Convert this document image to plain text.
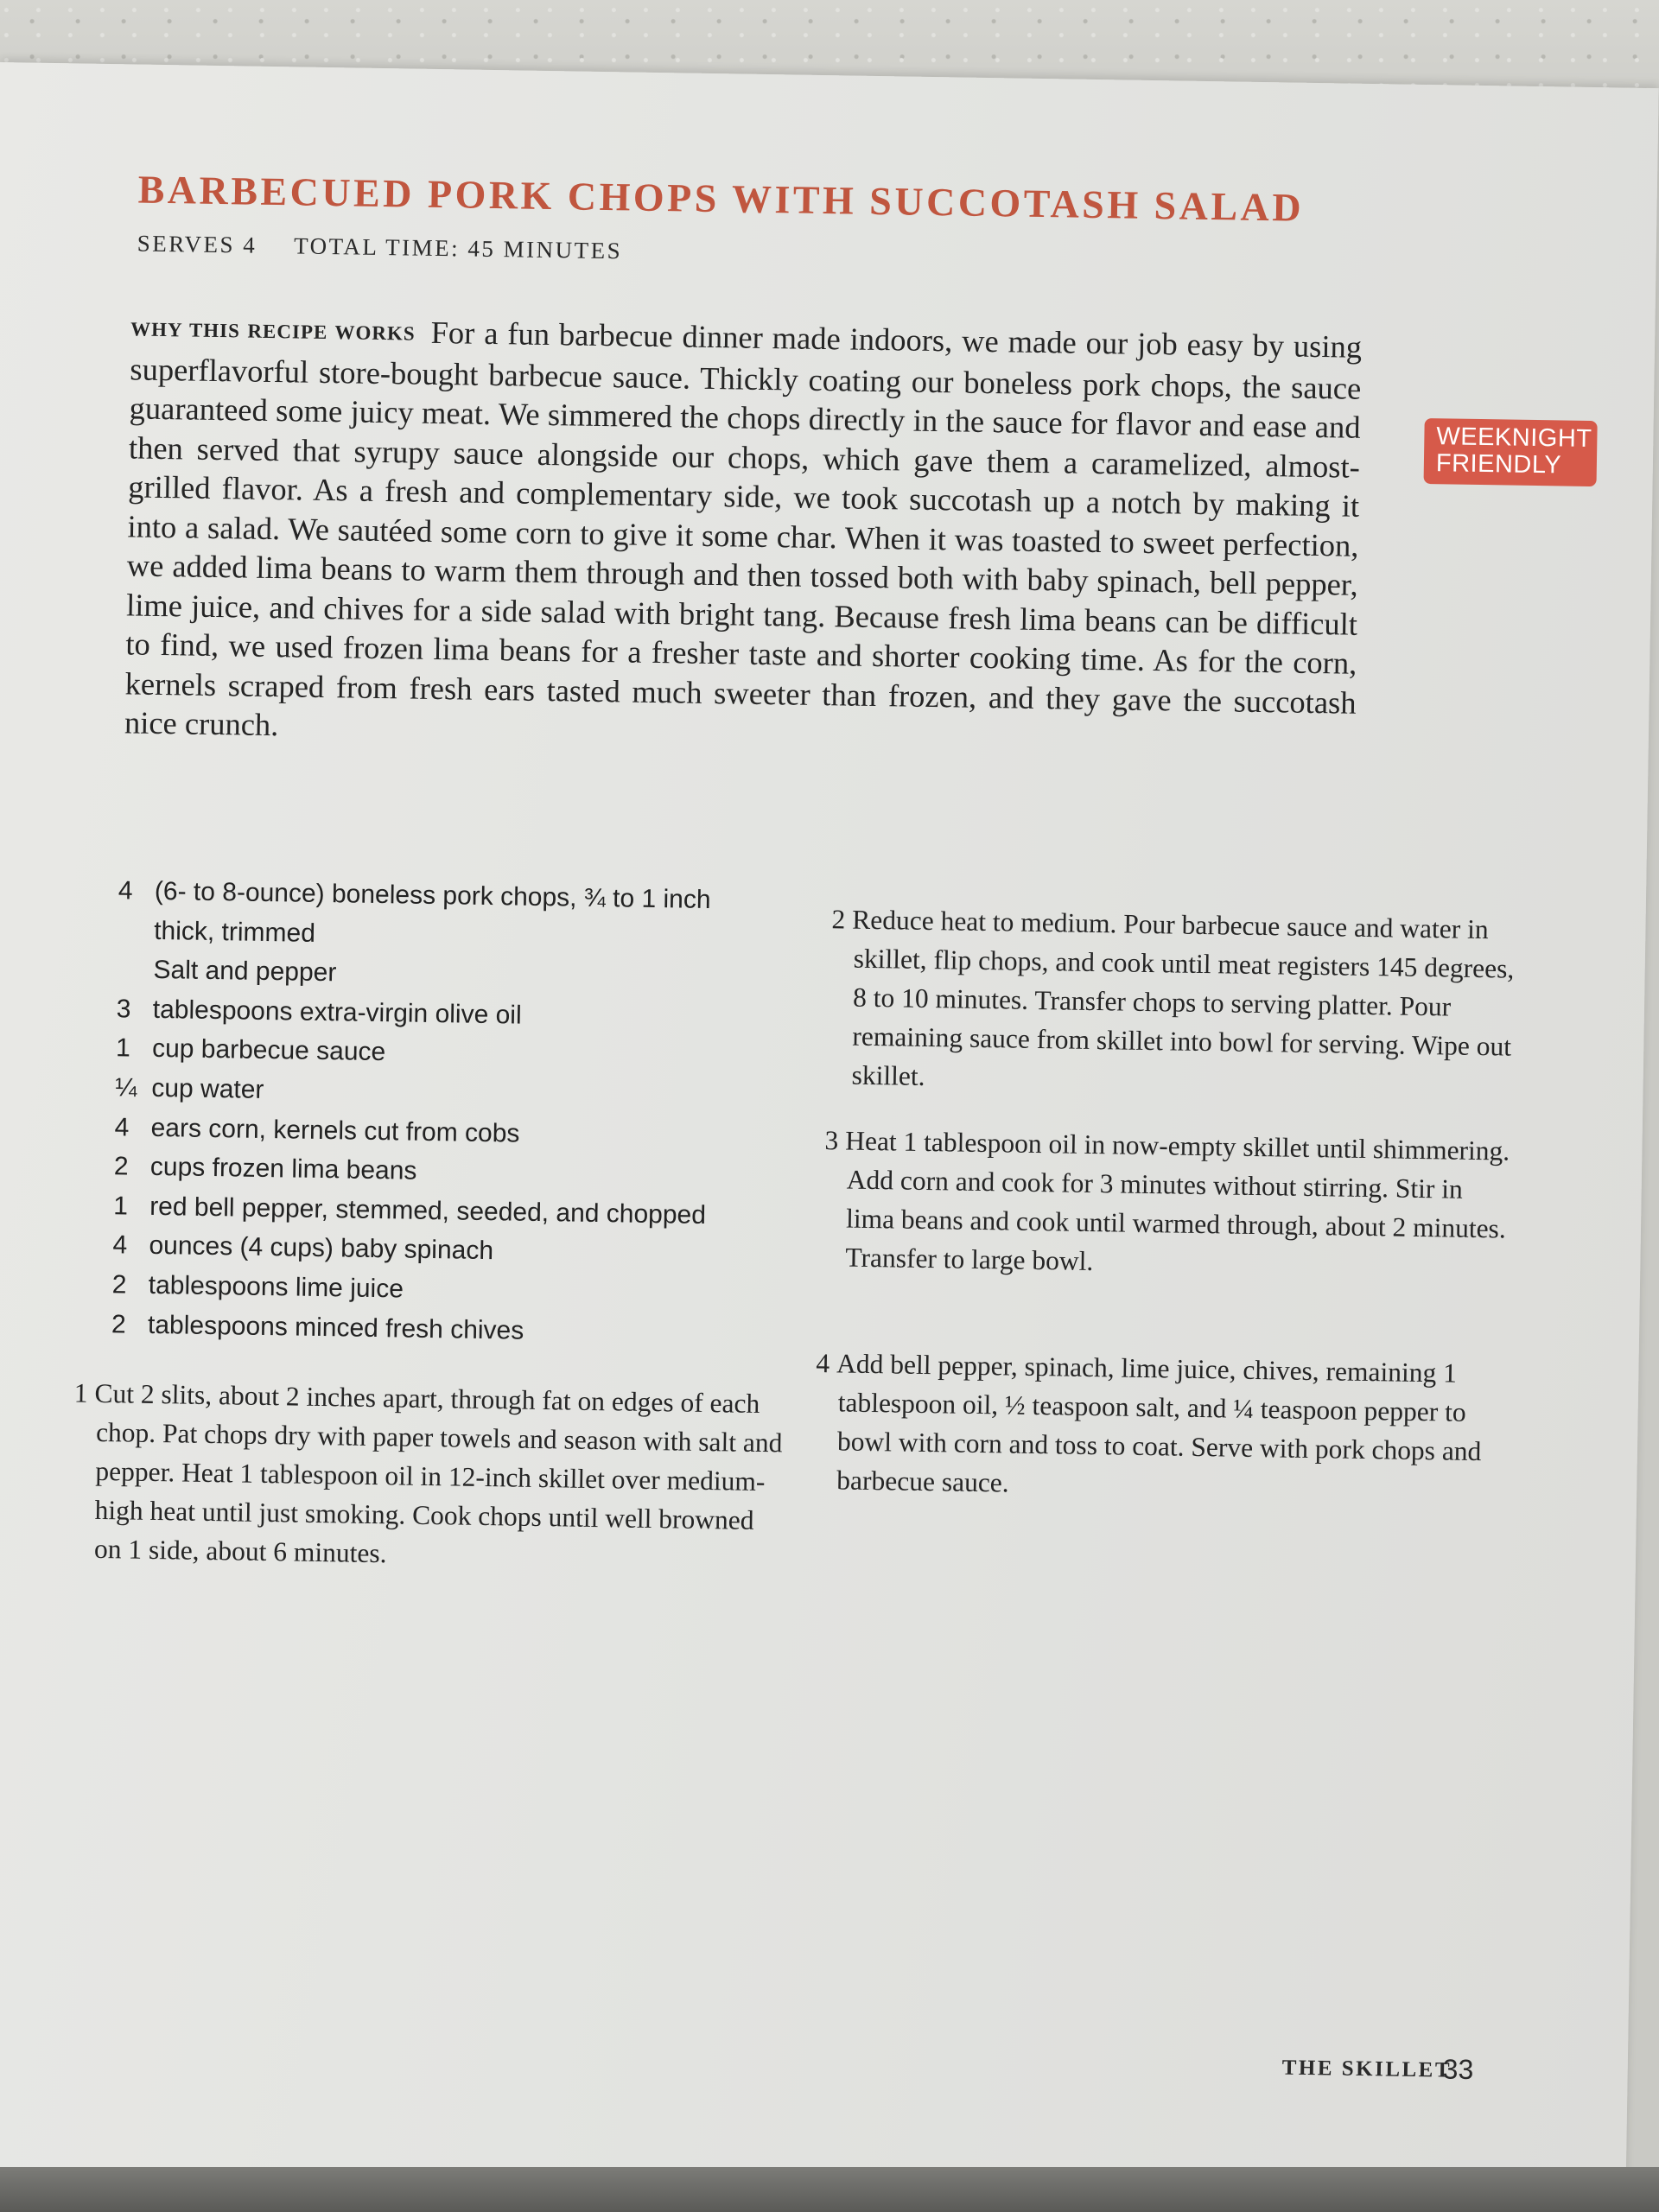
BARBECUED PORK CHOPS WITH SUCCOTASH SALAD
SERVES 4 TOTAL TIME: 45 MINUTES
WHY THIS RECIPE WORKS For a fun barbecue dinner made indoors, we made our job easy by using superflavorful store-bought barbecue sauce. Thickly coating our boneless pork chops, the sauce guaranteed some juicy meat. We simmered the chops directly in the sauce for flavor and ease and then served that syrupy sauce alongside our chops, which gave them a caramelized, almost-grilled flavor. As a fresh and complementary side, we took succotash up a notch by making it into a salad. We sautéed some corn to give it some char. When it was toasted to sweet perfection, we added lima beans to warm them through and then tossed both with baby spinach, bell pepper, lime juice, and chives for a side salad with bright tang. Because fresh lima beans can be difficult to find, we used frozen lima beans for a fresher taste and shorter cooking time. As for the corn, kernels scraped from fresh ears tasted much sweeter than frozen, and they gave the succotash nice crunch.
WEEKNIGHT FRIENDLY
4 (6- to 8-ounce) boneless pork chops, ¾ to 1 inch thick, trimmed
Salt and pepper
3 tablespoons extra-virgin olive oil
1 cup barbecue sauce
¼ cup water
4 ears corn, kernels cut from cobs
2 cups frozen lima beans
1 red bell pepper, stemmed, seeded, and chopped
4 ounces (4 cups) baby spinach
2 tablespoons lime juice
2 tablespoons minced fresh chives
1 Cut 2 slits, about 2 inches apart, through fat on edges of each chop. Pat chops dry with paper towels and season with salt and pepper. Heat 1 tablespoon oil in 12-inch skillet over medium-high heat until just smoking. Cook chops until well browned on 1 side, about 6 minutes.
2 Reduce heat to medium. Pour barbecue sauce and water in skillet, flip chops, and cook until meat registers 145 degrees, 8 to 10 minutes. Transfer chops to serving platter. Pour remaining sauce from skillet into bowl for serving. Wipe out skillet.
3 Heat 1 tablespoon oil in now-empty skillet until shimmering. Add corn and cook for 3 minutes without stirring. Stir in lima beans and cook until warmed through, about 2 minutes. Transfer to large bowl.
4 Add bell pepper, spinach, lime juice, chives, remaining 1 tablespoon oil, ½ teaspoon salt, and ¼ teaspoon pepper to bowl with corn and toss to coat. Serve with pork chops and barbecue sauce.
THE SKILLET
33
